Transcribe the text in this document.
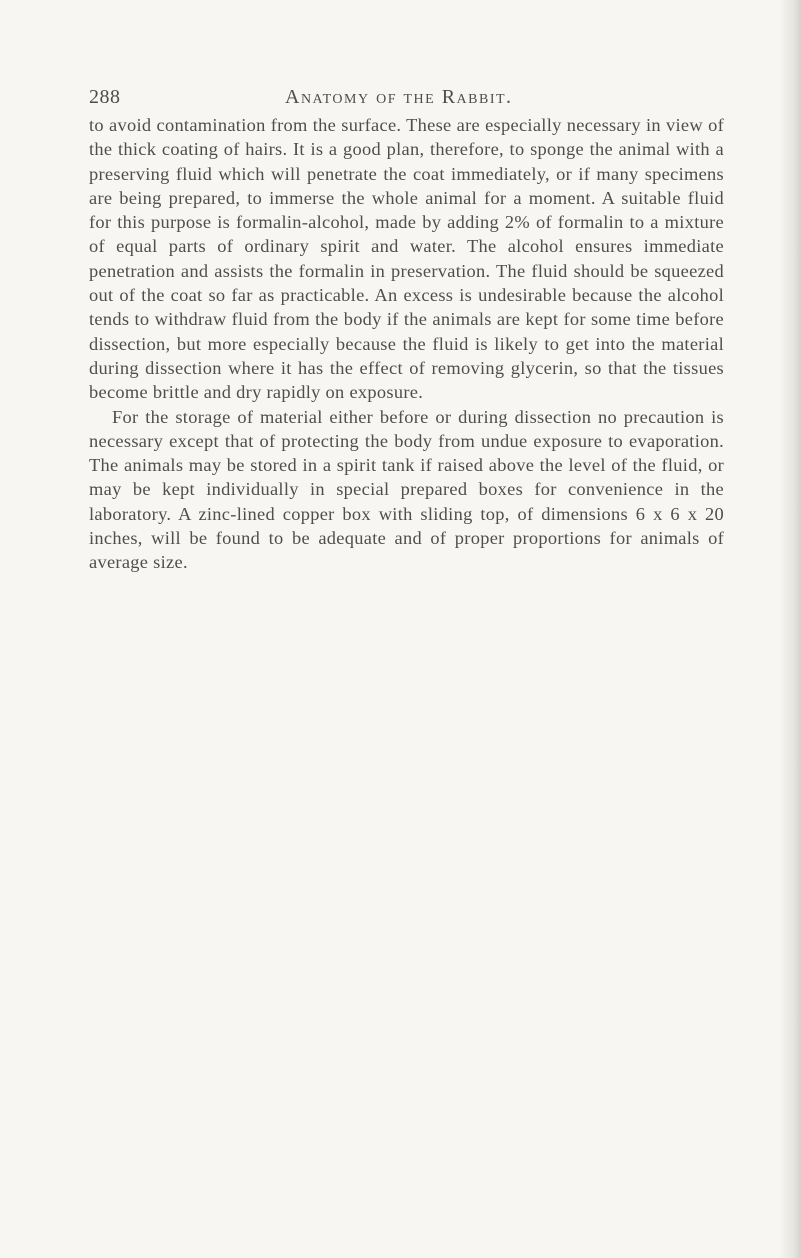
288	Anatomy of the Rabbit.

to avoid contamination from the surface. These are especially necessary in view of the thick coating of hairs. It is a good plan, therefore, to sponge the animal with a preserving fluid which will penetrate the coat immediately, or if many specimens are being prepared, to immerse the whole animal for a moment. A suitable fluid for this purpose is formalin-alcohol, made by adding 2% of formalin to a mixture of equal parts of ordinary spirit and water. The alcohol ensures immediate penetration and assists the formalin in preservation. The fluid should be squeezed out of the coat so far as practicable. An excess is undesirable because the alcohol tends to withdraw fluid from the body if the animals are kept for some time before dissection, but more especially because the fluid is likely to get into the material during dissection where it has the effect of removing glycerin, so that the tissues become brittle and dry rapidly on exposure.

For the storage of material either before or during dissection no precaution is necessary except that of protecting the body from undue exposure to evaporation. The animals may be stored in a spirit tank if raised above the level of the fluid, or may be kept individually in special prepared boxes for convenience in the laboratory. A zinc-lined copper box with sliding top, of dimensions 6 x 6 x 20 inches, will be found to be adequate and of proper proportions for animals of average size.
